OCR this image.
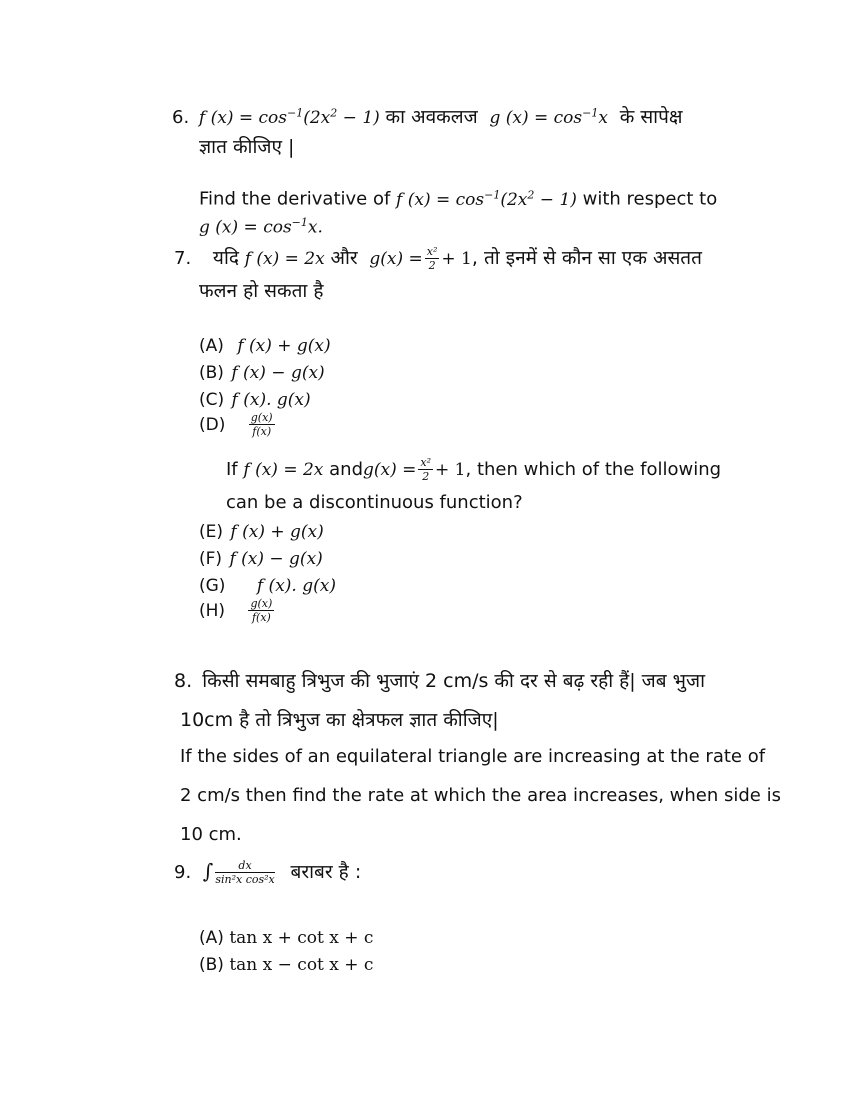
6. f $(x) = \cos^{-1}(2x^2 - 1)$ का अवकलज g $(x) = \cos^{-1}x$ के सापेक्ष
ज्ञात कीजिए |
Find the derivative of f $(x) = \cos^{-1}(2x^2 - 1)$ with respect to
g $(x) = \cos^{-1}x$.
7. यदि f (x) = 2x और $g(x) = \frac{\text{x²}}{2} + 1$, तो इनमें से कौन सा एक असतत
फलन हो सकता है
(A) f (x) + g(x)
(B) f (x) − g(x)
(C) f (x). g(x)
$(D) \frac{g(x)}{f(x)}$
If f (x) = 2x andg(x) = $\frac{\text{x²}}{2} + 1$, then which of the following
can be a discontinuous function?
(E) f (x) + g(x)
(F) f (x) − g(x)
(G) f (x). g(x)
$(H) \frac{g(x)}{f(x)}$
8. किसी समबाहु त्रिभुज की भुजाएं 2 cm/s की दर से बढ़ रही हैं| जब भुजा
10cm है तो त्रिभुज का क्षेत्रफल ज्ञात कीजिए|
If the sides of an equilateral triangle are increasing at the rate of
2 cm/s then find the rate at which the area increases, when side is
10 cm.
9. ∫ $\frac{dx}{\text{sin²x cos²x}}$ बराबर है :
(A) tan x + cot x + c
(B) tan x − cot x + c
